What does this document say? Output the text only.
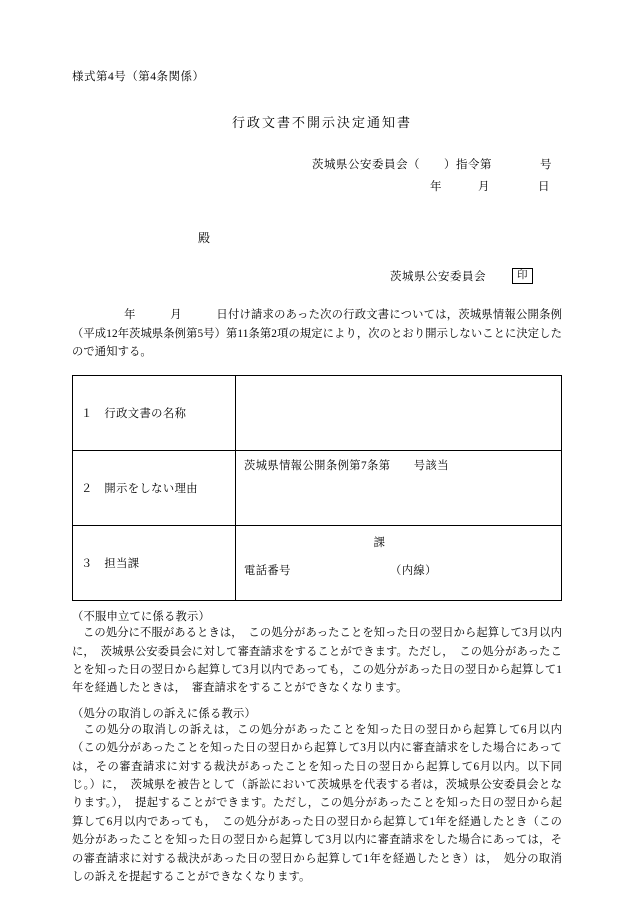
様式第4号（第4条関係）
行政文書不開示決定通知書
茨城県公安委員会（　　）指令第　　　　号
年　　　月　　　　日
殿
茨城県公安委員会	印
年　　　月　　　日付け請求のあった次の行政文書については，茨城県情報公開条例（平成12年茨城県条例第5号）第11条第2項の規定により，次のとおり開示しないことに決定したので通知する。
１　行政文書の名称	
２　開示をしない理由	茨城県情報公開条例第7条第　　号該当
３　担当課	課
電話番号 （内線）
（不服申立てに係る教示）
この処分に不服があるときは，　この処分があったことを知った日の翌日から起算して3月以内に，　茨城県公安委員会に対して審査請求をすることができます。ただし，　この処分があったことを知った日の翌日から起算して3月以内であっても，この処分があった日の翌日から起算して1年を経過したときは，　審査請求をすることができなくなります。
（処分の取消しの訴えに係る教示）
この処分の取消しの訴えは，この処分があったことを知った日の翌日から起算して6月以内（この処分があったことを知った日の翌日から起算して3月以内に審査請求をした場合にあっては，その審査請求に対する裁決があったことを知った日の翌日から起算して6月以内。以下同じ。）に，　茨城県を被告として（訴訟において茨城県を代表する者は，茨城県公安委員会となります。），　提起することができます。ただし，この処分があったことを知った日の翌日から起算して6月以内であっても，　この処分があった日の翌日から起算して1年を経過したとき（この処分があったことを知った日の翌日から起算して3月以内に審査請求をした場合にあっては，その審査請求に対する裁決があった日の翌日から起算して1年を経過したとき）は，　処分の取消しの訴えを提起することができなくなります。
